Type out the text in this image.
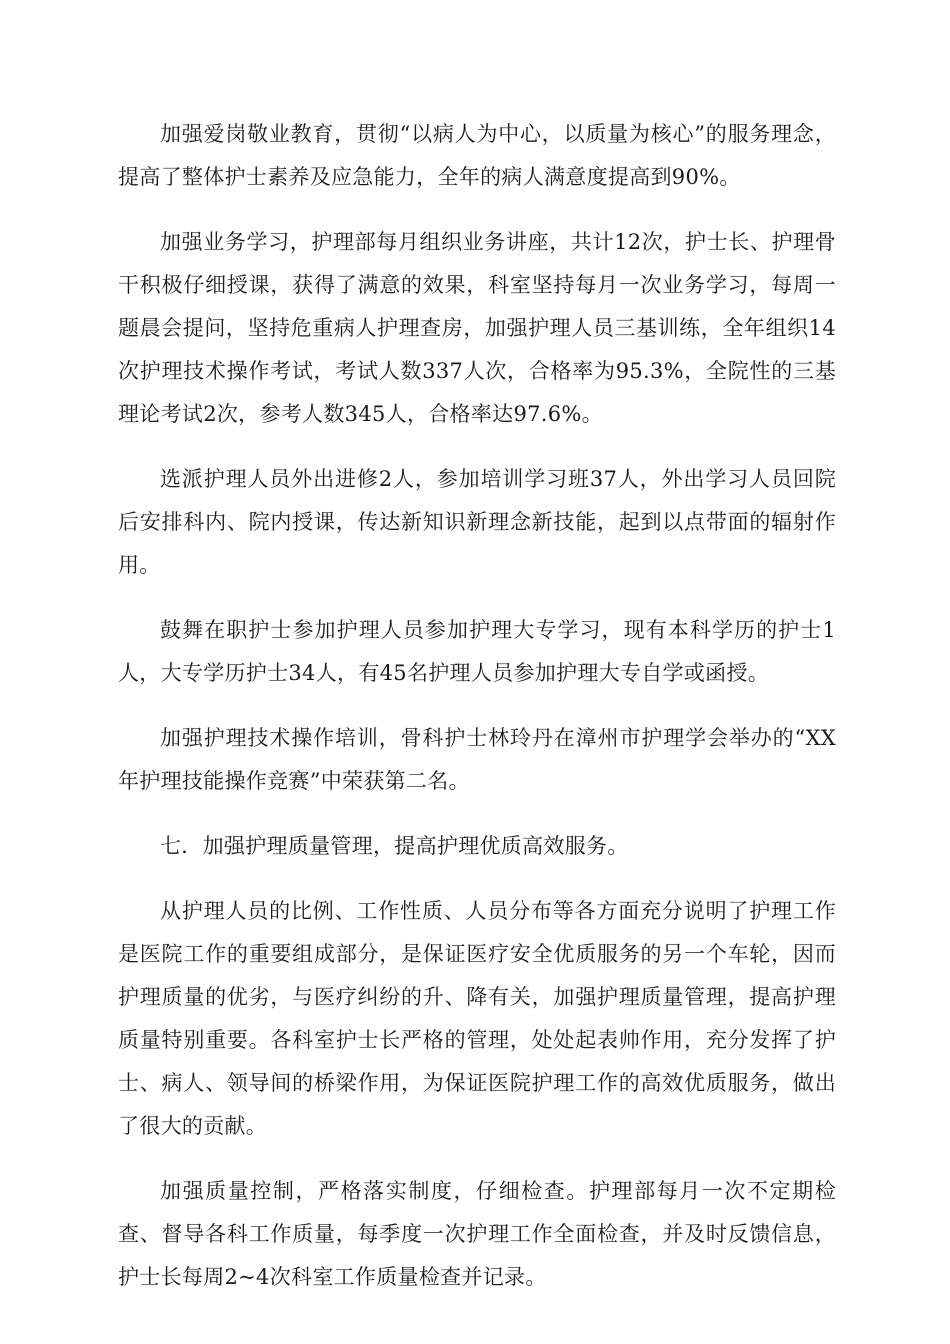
加强爱岗敬业教育，贯彻“以病人为中心，以质量为核心”的服务理念，提高了整体护士素养及应急能力，全年的病人满意度提高到90%。

加强业务学习，护理部每月组织业务讲座，共计12次，护士长、护理骨干积极仔细授课，获得了满意的效果，科室坚持每月一次业务学习，每周一题晨会提问，坚持危重病人护理查房，加强护理人员三基训练，全年组织14次护理技术操作考试，考试人数337人次，合格率为95.3%，全院性的三基理论考试2次，参考人数345人，合格率达97.6%。

选派护理人员外出进修2人，参加培训学习班37人，外出学习人员回院后安排科内、院内授课，传达新知识新理念新技能，起到以点带面的辐射作用。

鼓舞在职护士参加护理人员参加护理大专学习，现有本科学历的护士1人，大专学历护士34人，有45名护理人员参加护理大专自学或函授。

加强护理技术操作培训，骨科护士林玲丹在漳州市护理学会举办的“XX年护理技能操作竞赛”中荣获第二名。

七．加强护理质量管理，提高护理优质高效服务。

从护理人员的比例、工作性质、人员分布等各方面充分说明了护理工作是医院工作的重要组成部分，是保证医疗安全优质服务的另一个车轮，因而护理质量的优劣，与医疗纠纷的升、降有关，加强护理质量管理，提高护理质量特别重要。各科室护士长严格的管理，处处起表帅作用，充分发挥了护士、病人、领导间的桥梁作用，为保证医院护理工作的高效优质服务，做出了很大的贡献。

加强质量控制，严格落实制度，仔细检查。护理部每月一次不定期检查、督导各科工作质量，每季度一次护理工作全面检查，并及时反馈信息，护士长每周2~4次科室工作质量检查并记录。
